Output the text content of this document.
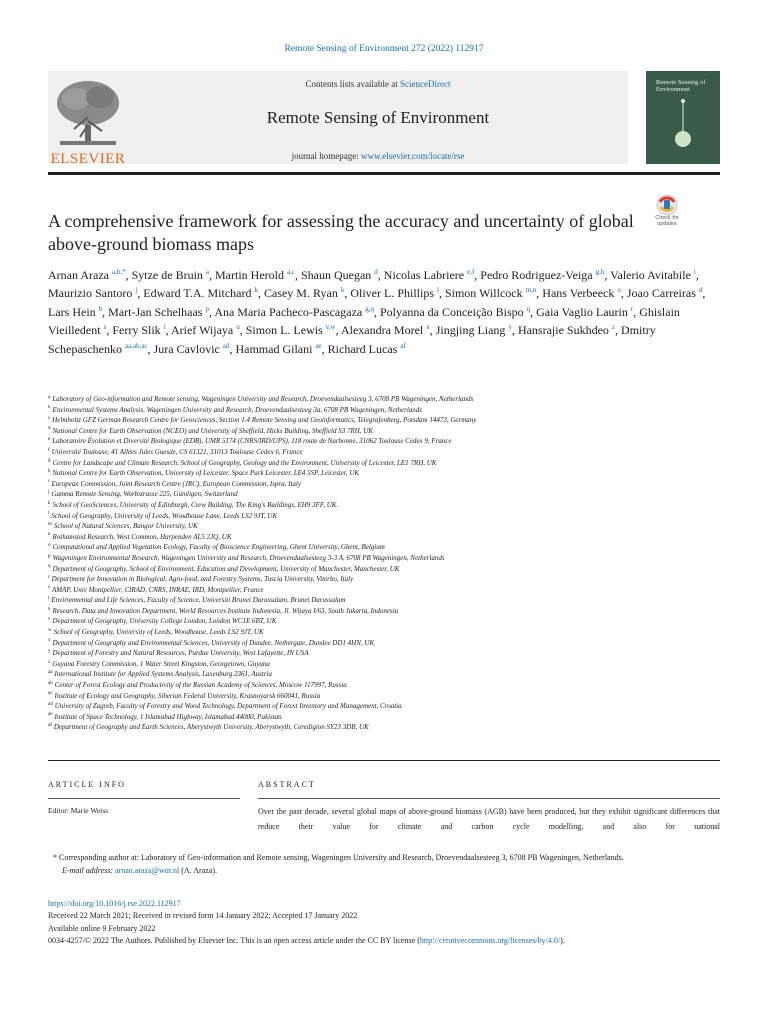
Remote Sensing of Environment 272 (2022) 112917
ELSEVIER
Contents lists available at ScienceDirect
Remote Sensing of Environment
journal homepage: www.elsevier.com/locate/rse
Remote Sensing of Environment
A comprehensive framework for assessing the accuracy and uncertainty of global above-ground biomass maps
Check for updates
Arnan Araza $^{a,b,*}$, Sytze de Bruin $^a$, Martin Herold $^{a,c}$, Shaun Quegan $^d$, Nicolas Labriere $^{e,f}$, Pedro Rodriguez-Veiga $^{g,h}$, Valerio Avitabile $^i$, Maurizio Santoro $^j$, Edward T.A. Mitchard $^k$, Casey M. Ryan $^k$, Oliver L. Phillips $^l$, Simon Willcock $^{m,n}$, Hans Verbeeck $^o$, Joao Carreiras $^d$, Lars Hein $^b$, Mart-Jan Schelhaas $^p$, Ana Maria Pacheco-Pascagaza $^{g,q}$, Polyanna da Conceição Bispo $^q$, Gaia Vaglio Laurin $^r$, Ghislain Vieilledent $^s$, Ferry Slik $^t$, Arief Wijaya $^u$, Simon L. Lewis $^{v,w}$, Alexandra Morel $^x$, Jingjing Liang $^y$, Hansrajie Sukhdeo $^z$, Dmitry Schepaschenko $^{aa,ab,ac}$, Jura Cavlovic $^{ad}$, Hammad Gilani $^{ae}$, Richard Lucas $^{af}$
$^a$ Laboratory of Geo-information and Remote sensing, Wageningen University and Research, Droevendaalsesteeg 3, 6708 PB Wageningen, Netherlands
$^b$ Environmental Systems Analysis, Wageningen University and Research, Droevendaalsesteeg 3a, 6708 PB Wageningen, Netherlands
$^c$ Helmholtz GFZ German Research Centre for Geosciences, Section 1.4 Remote Sensing and Geoinformatics, Telegrafenberg, Potsdam 14473, Germany
$^d$ National Centre for Earth Observation (NCEO) and University of Sheffield, Hicks Building, Sheffield S3 7RH, UK
$^e$ Laboratoire Évolution et Diversité Biologique (EDB), UMR 5174 (CNRS/IRD/UPS), 118 route de Narbonne, 31062 Toulouse Cedex 9, France
$^f$ Université Toulouse, 41 Allées Jules Guesde, CS 61321, 31013 Toulouse Cedex 6, France
$^g$ Centre for Landscape and Climate Research, School of Geography, Geology and the Environment, University of Leicester, LE1 7RH, UK
$^h$ National Centre for Earth Observation, University of Leicester, Space Park Leicester, LE4 5SP, Leicester, UK
$^i$ European Commission, Joint Research Centre (JRC), European Commission, Ispra, Italy
$^j$ Gamma Remote Sensing, Worbstrasse 225, Gümligen, Switzerland
$^k$ School of GeoSciences, University of Edinburgh, Crew Building, The King's Buildings, EH9 3FF, UK.
$^l$ School of Geography, University of Leeds, Woodhouse Lane, Leeds LS2 9JT, UK
$^m$ School of Natural Sciences, Bangor University, UK
$^n$ Rothamsted Research, West Common, Harpenden AL5 2JQ, UK
$^o$ Computational and Applied Vegetation Ecology, Faculty of Bioscience Engineering, Ghent University, Ghent, Belgium
$^p$ Wageningen Environmental Research, Wageningen University and Research, Droevendaalsesteeg 3-3 A, 6708 PB Wageningen, Netherlands
$^q$ Department of Geography, School of Environment, Education and Development, University of Manchester, Manchester, UK
$^r$ Department for Innovation in Biological, Agro-food, and Forestry Systems, Tuscia University, Viterbo, Italy
$^s$ AMAP, Univ Montpellier, CIRAD, CNRS, INRAE, IRD, Montpellier, France
$^t$ Environmental and Life Sciences, Faculty of Science, Universiti Brunei Darussalam, Brunei Darussalam
$^u$ Research, Data and Innovation Department, World Resources Institute Indonesia, Jl. Wijaya I/63, South Jakarta, Indonesia
$^v$ Department of Geography, University College London, London WC1E 6BT, UK
$^w$ School of Geography, University of Leeds, Woodhouse, Leeds LS2 9JT, UK
$^x$ Department of Geography and Environmental Sciences, University of Dundee, Nethergate, Dundee DD1 4HN, UK
$^y$ Department of Forestry and Natural Resources, Purdue University, West Lafayette, IN USA
$^z$ Guyana Forestry Commission, 1 Water Street Kingston, Georgetown, Guyana
$^{aa}$ International Institute for Applied Systems Analysis, Laxenburg 2361, Austria
$^{ab}$ Center of Forest Ecology and Productivity of the Russian Academy of Sciences, Moscow 117997, Russia
$^{ac}$ Institute of Ecology and Geography, Siberian Federal University, Krasnoyarsk 660041, Russia
$^{ad}$ University of Zagreb, Faculty of Forestry and Wood Technology, Department of Forest Inventory and Management, Croatia
$^{ae}$ Institute of Space Technology, 1 Islamabad Highway, Islamabad 44000, Pakistan
$^{af}$ Department of Geography and Earth Sciences, Aberystwyth University, Aberystwyth, Ceredigion SY23 3DB, UK
ARTICLE INFO	ABSTRACT
Editor: Marie Weiss	Over the past decade, several global maps of above-ground biomass (AGB) have been produced, but they exhibit significant differences that reduce their value for climate and carbon cycle modelling, and also for national

* Corresponding author at: Laboratory of Geo-information and Remote sensing, Wageningen University and Research, Droevendaalsesteeg 3, 6708 PB Wageningen, Netherlands.
E-mail address: arnan.araza@wur.nl (A. Araza).
https://doi.org/10.1016/j.rse.2022.112917
Received 22 March 2021; Received in revised form 14 January 2022; Accepted 17 January 2022
Available online 9 February 2022
0034-4257/© 2022 The Authors. Published by Elsevier Inc. This is an open access article under the CC BY license (http://creativecommons.org/licenses/by/4.0/).
